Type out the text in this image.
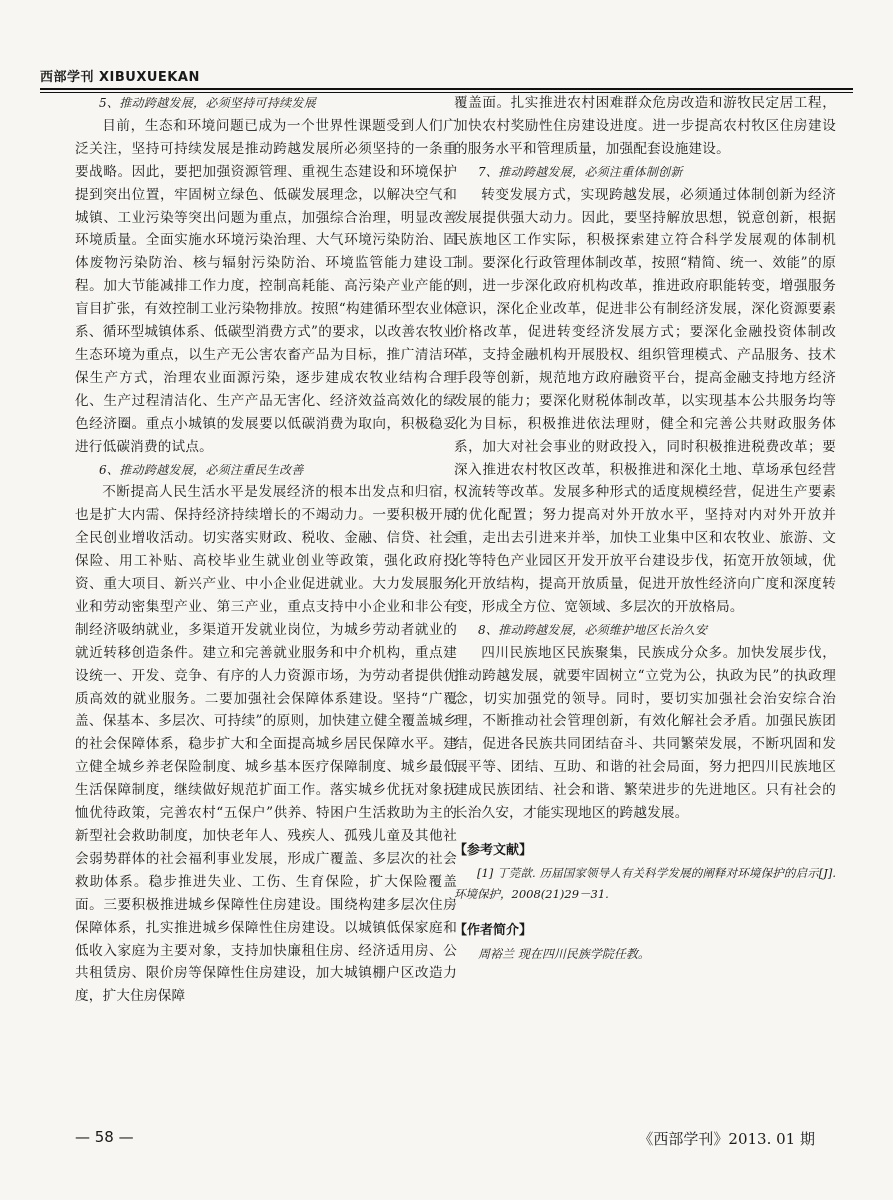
西部学刊 XIBUXUEKAN

5、推动跨越发展，必须坚持可持续发展

目前，生态和环境问题已成为一个世界性课题受到人们广泛关注，坚持可持续发展是推动跨越发展所必须坚持的一条重要战略。因此，要把加强资源管理、重视生态建设和环境保护提到突出位置，牢固树立绿色、低碳发展理念，以解决空气和城镇、工业污染等突出问题为重点，加强综合治理，明显改善环境质量。全面实施水环境污染治理、大气环境污染防治、固体废物污染防治、核与辐射污染防治、环境监管能力建设工程。加大节能减排工作力度，控制高耗能、高污染产业产能的盲目扩张，有效控制工业污染物排放。按照“构建循环型农业体系、循环型城镇体系、低碳型消费方式”的要求，以改善农牧业生态环境为重点，以生产无公害农畜产品为目标，推广清洁环保生产方式，治理农业面源污染，逐步建成农牧业结构合理化、生产过程清洁化、生产产品无害化、经济效益高效化的绿色经济圈。重点小城镇的发展要以低碳消费为取向，积极稳妥进行低碳消费的试点。

6、推动跨越发展，必须注重民生改善

不断提高人民生活水平是发展经济的根本出发点和归宿，也是扩大内需、保持经济持续增长的不竭动力。一要积极开展全民创业增收活动。切实落实财政、税收、金融、信贷、社会保险、用工补贴、高校毕业生就业创业等政策，强化政府投资、重大项目、新兴产业、中小企业促进就业。大力发展服务业和劳动密集型产业、第三产业，重点支持中小企业和非公有制经济吸纳就业，多渠道开发就业岗位，为城乡劳动者就业的就近转移创造条件。建立和完善就业服务和中介机构，重点建设统一、开发、竞争、有序的人力资源市场，为劳动者提供优质高效的就业服务。二要加强社会保障体系建设。坚持“广覆盖、保基本、多层次、可持续”的原则，加快建立健全覆盖城乡的社会保障体系，稳步扩大和全面提高城乡居民保障水平。建立健全城乡养老保险制度、城乡基本医疗保障制度、城乡最低生活保障制度，继续做好规范扩面工作。落实城乡优抚对象抚恤优待政策，完善农村“五保户”供养、特困户生活救助为主的新型社会救助制度，加快老年人、残疾人、孤残儿童及其他社会弱势群体的社会福利事业发展，形成广覆盖、多层次的社会救助体系。稳步推进失业、工伤、生育保险，扩大保险覆盖面。三要积极推进城乡保障性住房建设。围绕构建多层次住房保障体系，扎实推进城乡保障性住房建设。以城镇低保家庭和低收入家庭为主要对象，支持加快廉租住房、经济适用房、公共租赁房、限价房等保障性住房建设，加大城镇棚户区改造力度，扩大住房保障

覆盖面。扎实推进农村困难群众危房改造和游牧民定居工程，加快农村奖励性住房建设进度。进一步提高农村牧区住房建设的服务水平和管理质量，加强配套设施建设。

7、推动跨越发展，必须注重体制创新

转变发展方式，实现跨越发展，必须通过体制创新为经济发展提供强大动力。因此，要坚持解放思想，锐意创新，根据民族地区工作实际，积极探索建立符合科学发展观的体制机制。要深化行政管理体制改革，按照“精简、统一、效能”的原则，进一步深化政府机构改革，推进政府职能转变，增强服务意识，深化企业改革，促进非公有制经济发展，深化资源要素价格改革，促进转变经济发展方式；要深化金融投资体制改革，支持金融机构开展股权、组织管理模式、产品服务、技术手段等创新，规范地方政府融资平台，提高金融支持地方经济发展的能力；要深化财税体制改革，以实现基本公共服务均等化为目标，积极推进依法理财，健全和完善公共财政服务体系，加大对社会事业的财政投入，同时积极推进税费改革；要深入推进农村牧区改革，积极推进和深化土地、草场承包经营权流转等改革。发展多种形式的适度规模经营，促进生产要素的优化配置；努力提高对外开放水平，坚持对内对外开放并重，走出去引进来并举，加快工业集中区和农牧业、旅游、文化等特色产业园区开发开放平台建设步伐，拓宽开放领域，优化开放结构，提高开放质量，促进开放性经济向广度和深度转变，形成全方位、宽领域、多层次的开放格局。

8、推动跨越发展，必须维护地区长治久安

四川民族地区民族聚集，民族成分众多。加快发展步伐，推动跨越发展，就要牢固树立“立党为公，执政为民”的执政理念，切实加强党的领导。同时，要切实加强社会治安综合治理，不断推动社会管理创新，有效化解社会矛盾。加强民族团结，促进各民族共同团结奋斗、共同繁荣发展，不断巩固和发展平等、团结、互助、和谐的社会局面，努力把四川民族地区建成民族团结、社会和谐、繁荣进步的先进地区。只有社会的长治久安，才能实现地区的跨越发展。

【参考文献】

[1] 丁莞歆. 历届国家领导人有关科学发展的阐释对环境保护的启示[J]. 环境保护，2008(21)29－31.

【作者简介】

周裕兰 现在四川民族学院任教。

— 58 —	《西部学刊》2013. 01 期
